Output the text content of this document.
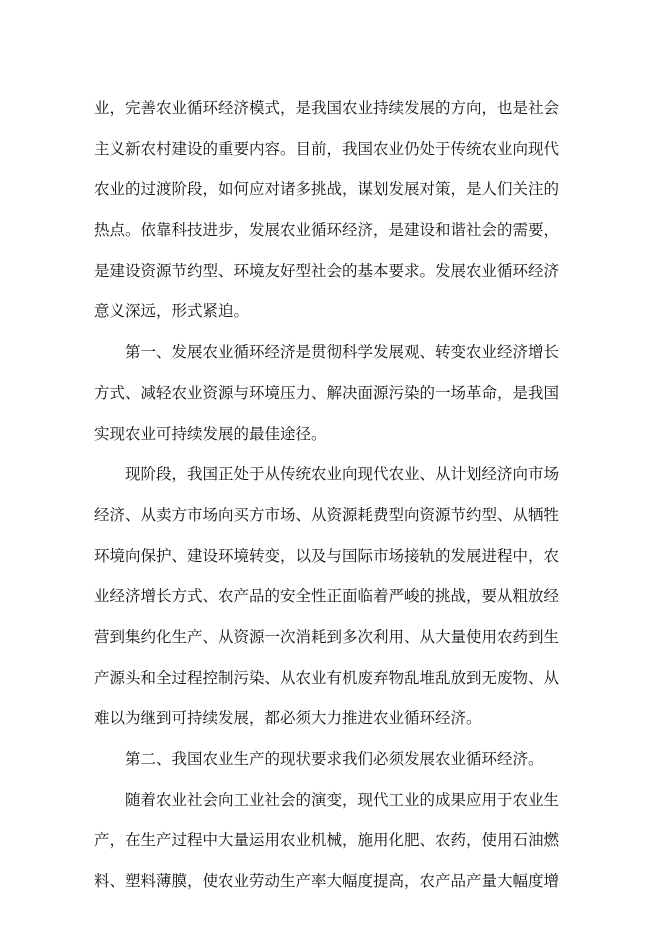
业，完善农业循环经济模式，是我国农业持续发展的方向，也是社会
主义新农村建设的重要内容。目前，我国农业仍处于传统农业向现代
农业的过渡阶段，如何应对诸多挑战，谋划发展对策，是人们关注的
热点。依靠科技进步，发展农业循环经济，是建设和谐社会的需要，
是建设资源节约型、环境友好型社会的基本要求。发展农业循环经济
意义深远，形式紧迫。
第一、发展农业循环经济是贯彻科学发展观、转变农业经济增长
方式、减轻农业资源与环境压力、解决面源污染的一场革命，是我国
实现农业可持续发展的最佳途径。
现阶段，我国正处于从传统农业向现代农业、从计划经济向市场
经济、从卖方市场向买方市场、从资源耗费型向资源节约型、从牺牲
环境向保护、建设环境转变，以及与国际市场接轨的发展进程中，农
业经济增长方式、农产品的安全性正面临着严峻的挑战，要从粗放经
营到集约化生产、从资源一次消耗到多次利用、从大量使用农药到生
产源头和全过程控制污染、从农业有机废弃物乱堆乱放到无废物、从
难以为继到可持续发展，都必须大力推进农业循环经济。
第二、我国农业生产的现状要求我们必须发展农业循环经济。
随着农业社会向工业社会的演变，现代工业的成果应用于农业生
产，在生产过程中大量运用农业机械，施用化肥、农药，使用石油燃
料、塑料薄膜，使农业劳动生产率大幅度提高，农产品产量大幅度增
